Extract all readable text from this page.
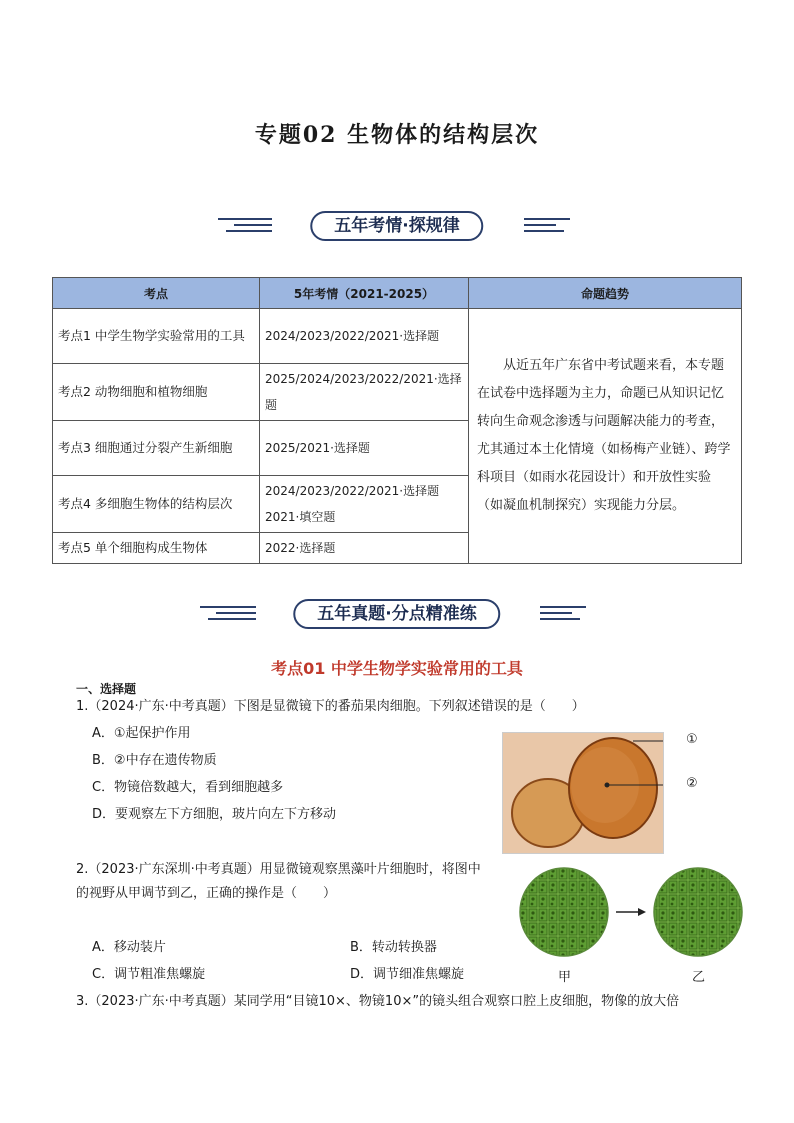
专题02 生物体的结构层次
五年考情·探规律
考点	5年考情（2021-2025）	命题趋势
考点1 中学生物学实验常用的工具	2024/2023/2022/2021·选择题	从近五年广东省中考试题来看，本专题在试卷中选择题为主力，命题已从知识记忆转向生命观念渗透与问题解决能力的考查，尤其通过本土化情境（如杨梅产业链）、跨学科项目（如雨水花园设计）和开放性实验（如凝血机制探究）实现能力分层。
考点2 动物细胞和植物细胞	2025/2024/2023/2022/2021·选择题	
考点3 细胞通过分裂产生新细胞	2025/2021·选择题	
考点4 多细胞生物体的结构层次	2024/2023/2022/2021·选择题 2021·填空题	
考点5 单个细胞构成生物体	2022·选择题	
五年真题·分点精准练
考点01 中学生物学实验常用的工具
一、选择题
1.（2024·广东·中考真题）下图是显微镜下的番茄果肉细胞。下列叙述错误的是（　　）
A．①起保护作用
B．②中存在遗传物质
C．物镜倍数越大，看到细胞越多
D．要观察左下方细胞，玻片向左下方移动
①
②
2.（2023·广东深圳·中考真题）用显微镜观察黑藻叶片细胞时，将图中
的视野从甲调节到乙，正确的操作是（　　）
A．移动装片	B．转动转换器
C．调节粗准焦螺旋	D．调节细准焦螺旋	甲	乙
3.（2023·广东·中考真题）某同学用“目镜10×、物镜10×”的镜头组合观察口腔上皮细胞，物像的放大倍
